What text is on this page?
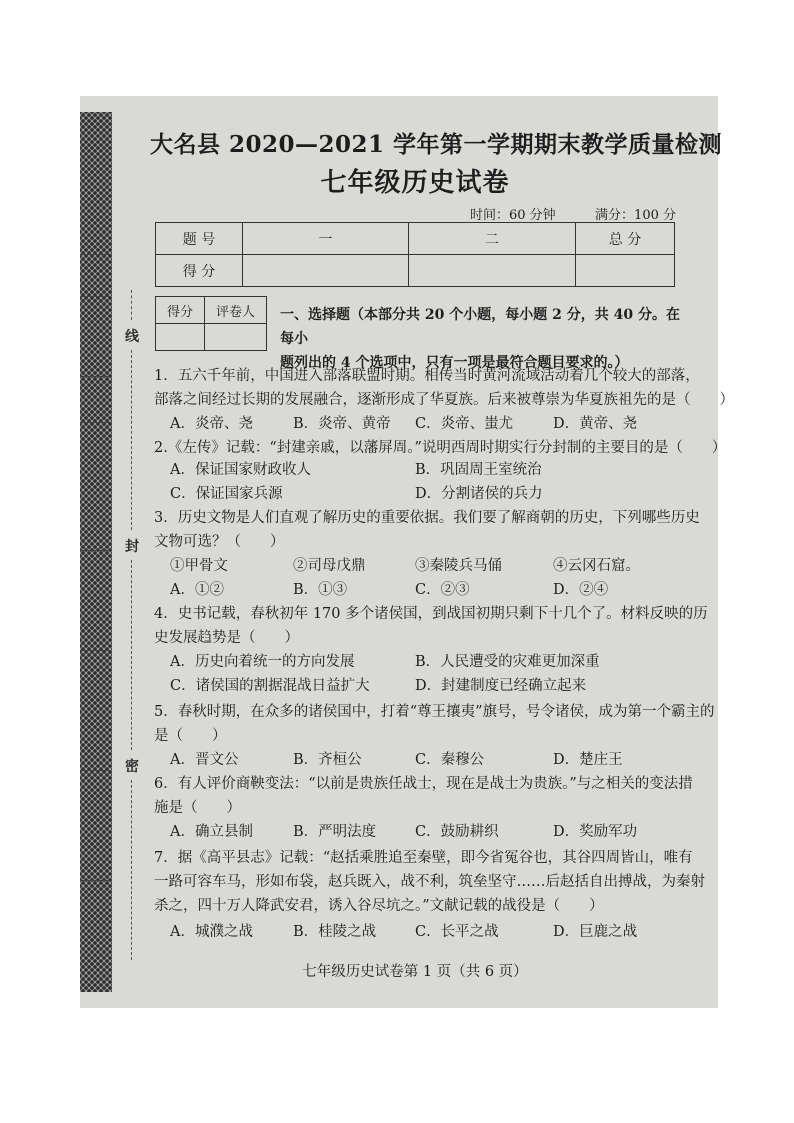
线
封
密
大名县 2020—2021 学年第一学期期末教学质量检测
七年级历史试卷
时间：60 分钟	满分：100 分
题 号	一	二	总 分
得 分			
得分	评卷人
	一、选择题（本部分共 20 个小题，每小题 2 分，共 40 分。在每小
题列出的 4 个选项中，只有一项是最符合题目要求的。）
1．五六千年前，中国进入部落联盟时期。相传当时黄河流域活动着几个较大的部落，
部落之间经过长期的发展融合，逐渐形成了华夏族。后来被尊崇为华夏族祖先的是（　　）
A．炎帝、尧	B．炎帝、黄帝 C．炎帝、蚩尤	D．黄帝、尧
2.《左传》记载：“封建亲戚，以藩屏周。”说明西周时期实行分封制的主要目的是（　　）
A．保证国家财政收人	B．巩固周王室统治
C．保证国家兵源	D．分割诸侯的兵力
3．历史文物是人们直观了解历史的重要依据。我们要了解商朝的历史，下列哪些历史
文物可选？（　　）
①甲骨文	②司母戊鼎	③秦陵兵马俑	④云冈石窟。
A．①②	B．①③	C．②③	D．②④
4．史书记载，春秋初年 170 多个诸侯国，到战国初期只剩下十几个了。材料反映的历
史发展趋势是（　　）
A．历史向着统一的方向发展	B．人民遭受的灾难更加深重
C．诸侯国的割据混战日益扩大	D．封建制度已经确立起来
5．春秋时期，在众多的诸侯国中，打着“尊王攘夷”旗号，号令诸侯，成为第一个霸主的
是（　　）
A．晋文公	B．齐桓公	C．秦穆公	D．楚庄王
6．有人评价商鞅变法：“以前是贵族任战士，现在是战士为贵族。”与之相关的变法措
施是（　　）
A．确立县制	B．严明法度	C．鼓励耕织	D．奖励军功
7．据《高平县志》记载：“赵括乘胜追至秦壁，即今省冤谷也，其谷四周皆山，唯有
一路可容车马，形如布袋，赵兵既入，战不利，筑垒坚守……后赵括自出搏战，为秦射
杀之，四十万人降武安君，诱入谷尽坑之。”文献记载的战役是（　　）
A．城濮之战	B．桂陵之战	C．长平之战	D．巨鹿之战
七年级历史试卷第 1 页（共 6 页）
